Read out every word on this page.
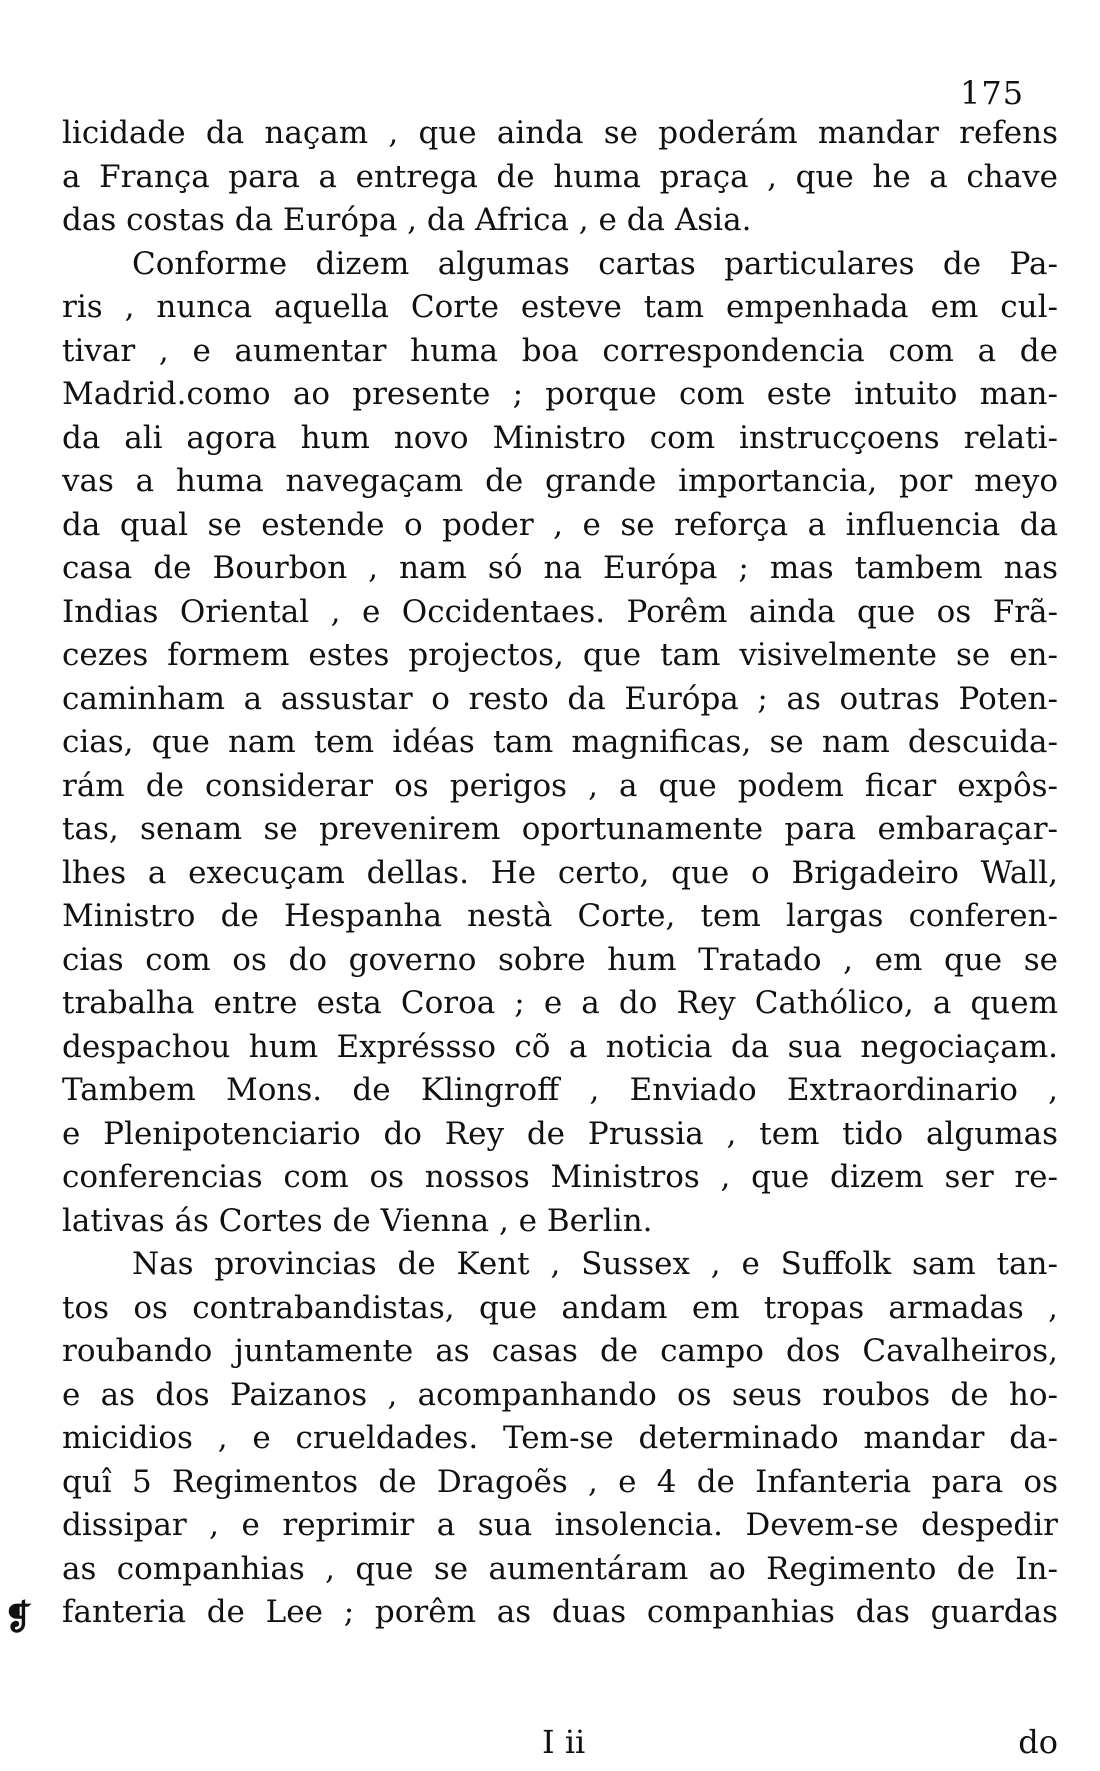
175
❡
licidade da naçam , que ainda se poderám mandar refens
a França para a entrega de huma praça , que he a chave
das costas da Európa , da Africa , e da Asia.
Conforme dizem algumas cartas particulares de Pa-
ris , nunca aquella Corte esteve tam empenhada em cul-
tivar , e aumentar huma boa correspondencia com a de
Madrid.como ao presente ; porque com este intuito man-
da ali agora hum novo Ministro com instrucçoens relati-
vas a huma navegaçam de grande importancia, por meyo
da qual se estende o poder , e se reforça a influencia da
casa de Bourbon , nam só na Európa ; mas tambem nas
Indias Oriental , e Occidentaes. Porêm ainda que os Frã-
cezes formem estes projectos, que tam visivelmente se en-
caminham a assustar o resto da Európa ; as outras Poten-
cias, que nam tem idéas tam magnificas, se nam descuida-
rám de considerar os perigos , a que podem ficar expôs-
tas, senam se prevenirem oportunamente para embaraçar-
lhes a execuçam dellas. He certo, que o Brigadeiro Wall,
Ministro de Hespanha nestà Corte, tem largas conferen-
cias com os do governo sobre hum Tratado , em que se
trabalha entre esta Coroa ; e a do Rey Cathólico, a quem
despachou hum Expréssso cõ a noticia da sua negociaçam.
Tambem Mons. de Klingroff , Enviado Extraordinario ,
e Plenipotenciario do Rey de Prussia , tem tido algumas
conferencias com os nossos Ministros , que dizem ser re-
lativas ás Cortes de Vienna , e Berlin.
Nas provincias de Kent , Sussex , e Suffolk sam tan-
tos os contrabandistas, que andam em tropas armadas ,
roubando juntamente as casas de campo dos Cavalheiros,
e as dos Paizanos , acompanhando os seus roubos de ho-
micidios , e crueldades. Tem-se determinado mandar da-
quî 5 Regimentos de Dragoẽs , e 4 de Infanteria para os
dissipar , e reprimir a sua insolencia. Devem-se despedir
as companhias , que se aumentáram ao Regimento de In-
fanteria de Lee ; porêm as duas companhias das guardas
I ii	do
